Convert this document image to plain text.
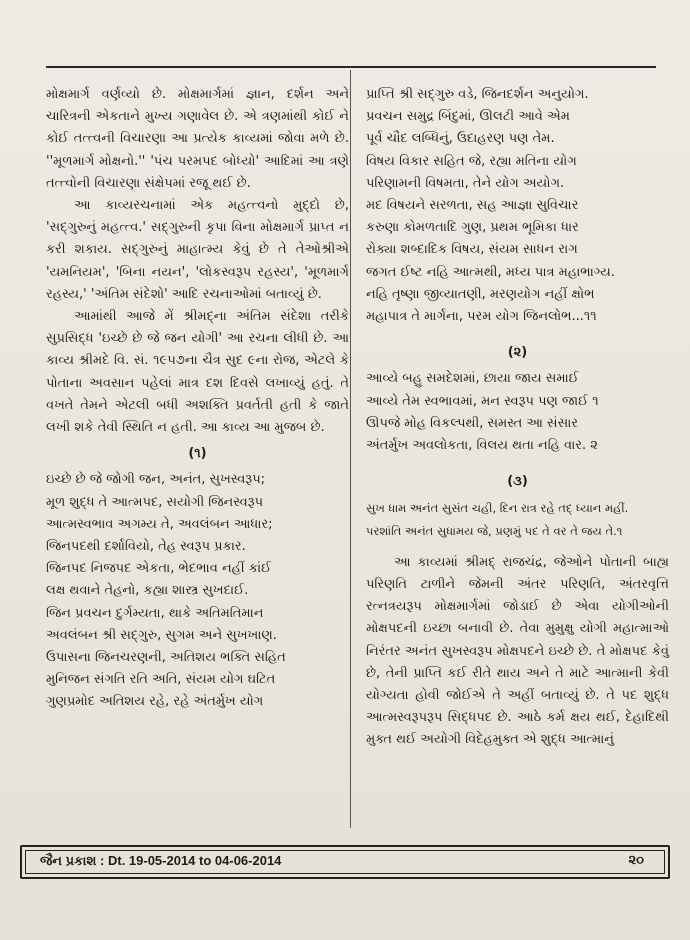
મોક્ષમાર્ગ વર્ણવ્યો છે. મોક્ષમાર્ગમાં જ્ઞાન, દર્શન અને ચારિત્રની એકતાને મુખ્ય ગણાવેલ છે. એ ત્રણમાંથી કોઈ ને કોઈ તત્ત્વની વિચારણા આ પ્રત્યેક કાવ્યમાં જોવા મળે છે. ''મૂળમાર્ગ મોક્ષનો.'' 'પંચ પરમપદ બોધ્યો' આદિમાં આ ત્રણે તત્ત્વોની વિચારણા સંક્ષેપમાં રજૂ થઈ છે.

આ કાવ્યરચનામાં એક મહત્ત્વનો મુદ્દો છે, 'સદ્‌ગુરુનું મહત્ત્વ.' સદ્‌ગુરુની કૃપા વિના મોક્ષમાર્ગ પ્રાપ્ત ન કરી શકાય. સદ્‌ગુરુનું માહાત્મ્ય કેવું છે તે તેઓશ્રીએ 'યમનિયમ', 'બિના નયન', 'લોકસ્વરૂપ રહસ્ય', 'મૂળમાર્ગ રહસ્ય,' 'અંતિમ સંદેશો' આદિ રચનાઓમાં બતાવ્યું છે.

આમાંથી આજે મેં શ્રીમદ્‌ના અંતિમ સંદેશા તરીકે સુપ્રસિદ્ધ 'ઇચ્છે છે જે જન યોગી' આ રચના લીધી છે. આ કાવ્ય શ્રીમદે વિ. સં. ૧૯૫૭ના ચૈત્ર સુદ ૯ના રોજ, એટલે કે પોતાના અવસાન પહેલાં માત્ર દશ દિવસે લખાવ્યું હતું. તે વખતે તેમને એટલી બધી અશક્તિ પ્રવર્તતી હતી કે જાતે લખી શકે તેવી સ્થિતિ ન હતી. આ કાવ્ય આ મુજબ છે.

(૧)
ઇચ્છે છે જે જોગી જન, અનંત, સુખસ્વરૂપ;
મૂળ શુદ્ધ તે આત્મપદ, સયોગી જિનસ્વરૂપ
આત્મસ્વભાવ અગમ્ય તે, અવલંબન આધાર;
જિનપદથી દર્શાવિયો, તેહ સ્વરૂપ પ્રકાર.
જિનપદ નિજપદ એકતા, ભેદભાવ નહીં કાંઈ
લક્ષ થવાને તેહનો, કહ્યા શાસ્ત્ર સુખદાઈ.
જિન પ્રવચન દુર્ગમ્યતા, થાકે અતિમતિમાન
અવલંબન શ્રી સદ્‌ગુરુ, સુગમ અને સુખખાણ.
ઉપાસના જિનચરણની, અતિશય ભક્તિ સહિત
મુનિજન સંગતિ રતિ અતિ, સંયમ યોગ ઘટિત
ગુણપ્રમોદ અતિશય રહે, રહે અંતર્મુખ યોગ
પ્રાપ્તિ શ્રી સદ્‌ગુરુ વડે, જિનદર્શન અનુયોગ.
પ્રવચન સમુદ્ર બિંદુમાં, ઊલટી આવે એમ
પૂર્વ ચૌદ લબ્ધિનું, ઉદાહરણ પણ તેમ.
વિષય વિકાર સહિત જે, રહ્યા મતિના યોગ
પરિણામની વિષમતા, તેને યોગ અયોગ.
મદ વિષયને સરળતા, સહ આજ્ઞા સુવિચાર
કરુણા કોમળતાદિ ગુણ, પ્રથમ ભૂમિકા ધાર
રોક્યા શબ્દાદિક વિષય, સંયમ સાધન રાગ
જગત ઈષ્ટ નહિ આત્મથી, મધ્ય પાત્ર મહાભાગ્ય.
નહિ તૃષ્ણા જીવ્યાતણી, મરણયોગ નહીં ક્ષોભ
મહાપાત્ર તે માર્ગના, પરમ યોગ જિનલોભ...૧૧
(૨)
આવ્યે બહુ સમદેશમાં, છાયા જાય સમાઈ
આવ્યે તેમ સ્વભાવમાં, મન સ્વરૂપ પણ જાઈ ૧
ઊપજે મોહ વિકલ્પથી, સમસ્ત આ સંસાર
અંતર્મુખ અવલોકતા, વિલય થતા નહિ વાર. ૨
(૩)
સુખ ધામ અનંત સુસંત ચહી, દિન રાત્ર રહે તદ્ ધ્યાન મહીં.
પરશાંતિ અનંત સુધામય જે, પ્રણમું પદ તે વર તે જય તે.૧

આ કાવ્યમાં શ્રીમદ્ રાજચંદ્ર, જેઓને પોતાની બાહ્ય પરિણતિ ટાળીને જેમની અંતર પરિણતિ, અંતરવૃત્તિ રત્નત્રયરૂપ મોક્ષમાર્ગમાં જોડાઈ છે એવા યોગીઓની મોક્ષપદની ઇચ્છા બનાવી છે. તેવા મુમુક્ષુ યોગી મહાત્માઓ નિરંતર અનંત સુખસ્વરૂપ મોક્ષપદને ઇચ્છે છે. તે મોક્ષપદ કેવું છે, તેની પ્રાપ્તિ કઈ રીતે થાય અને તે માટે આત્માની કેવી યોગ્યતા હોવી જોઈએ તે અહીં બતાવ્યું છે. તે પદ શુદ્ધ આત્મસ્વરૂપરૂપ સિદ્ધપદ છે. આઠે કર્મ ક્ષય થઈ, દેહાદિથી મુક્ત થઈ અયોગી વિદેહમુક્ત એ શુદ્ધ આત્માનું

જૈન પ્રકાશ : Dt. 19-05-2014 to 04-06-2014	૨૦
